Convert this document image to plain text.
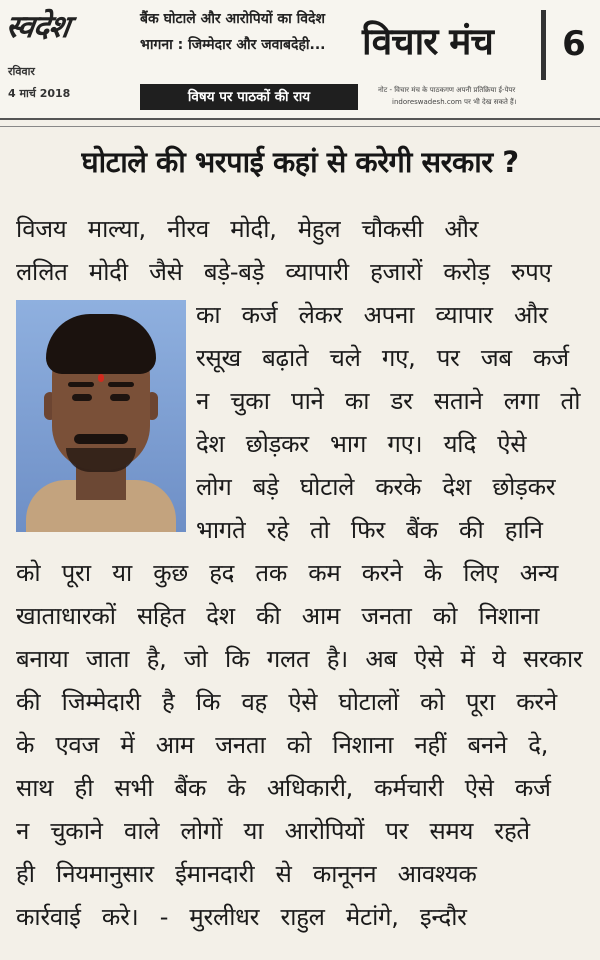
स्वदेश
रविवार
4 मार्च 2018
बैंक घोटाले और आरोपियों का विदेश
भागना : जिम्मेदार और जवाबदेही...
विषय पर पाठकों की राय
विचार मंच	6
नोट - विचार मंच के पाठकगण अपनी प्रतिक्रिया ई-पेपर
indoreswadesh.com पर भी देख सकते हैं।
घोटाले की भरपाई कहां से करेगी सरकार ?
विजय माल्या, नीरव मोदी, मेहुल चौकसी और
ललित मोदी जैसे बड़े-बड़े व्यापारी हजारों करोड़ रुपए
का कर्ज लेकर अपना व्यापार और
रसूख बढ़ाते चले गए, पर जब कर्ज
न चुका पाने का डर सताने लगा तो
देश छोड़कर भाग गए। यदि ऐसे
लोग बड़े घोटाले करके देश छोड़कर
भागते रहे तो फिर बैंक की हानि
को पूरा या कुछ हद तक कम करने के लिए अन्य
खाताधारकों सहित देश की आम जनता को निशाना
बनाया जाता है, जो कि गलत है। अब ऐसे में ये सरकार
की जिम्मेदारी है कि वह ऐसे घोटालों को पूरा करने
के एवज में आम जनता को निशाना नहीं बनने दे,
साथ ही सभी बैंक के अधिकारी, कर्मचारी ऐसे कर्ज
न चुकाने वाले लोगों या आरोपियों पर समय रहते
ही नियमानुसार ईमानदारी से कानूनन आवश्यक
कार्रवाई करे। - मुरलीधर राहुल मेटांगे, इन्दौर
